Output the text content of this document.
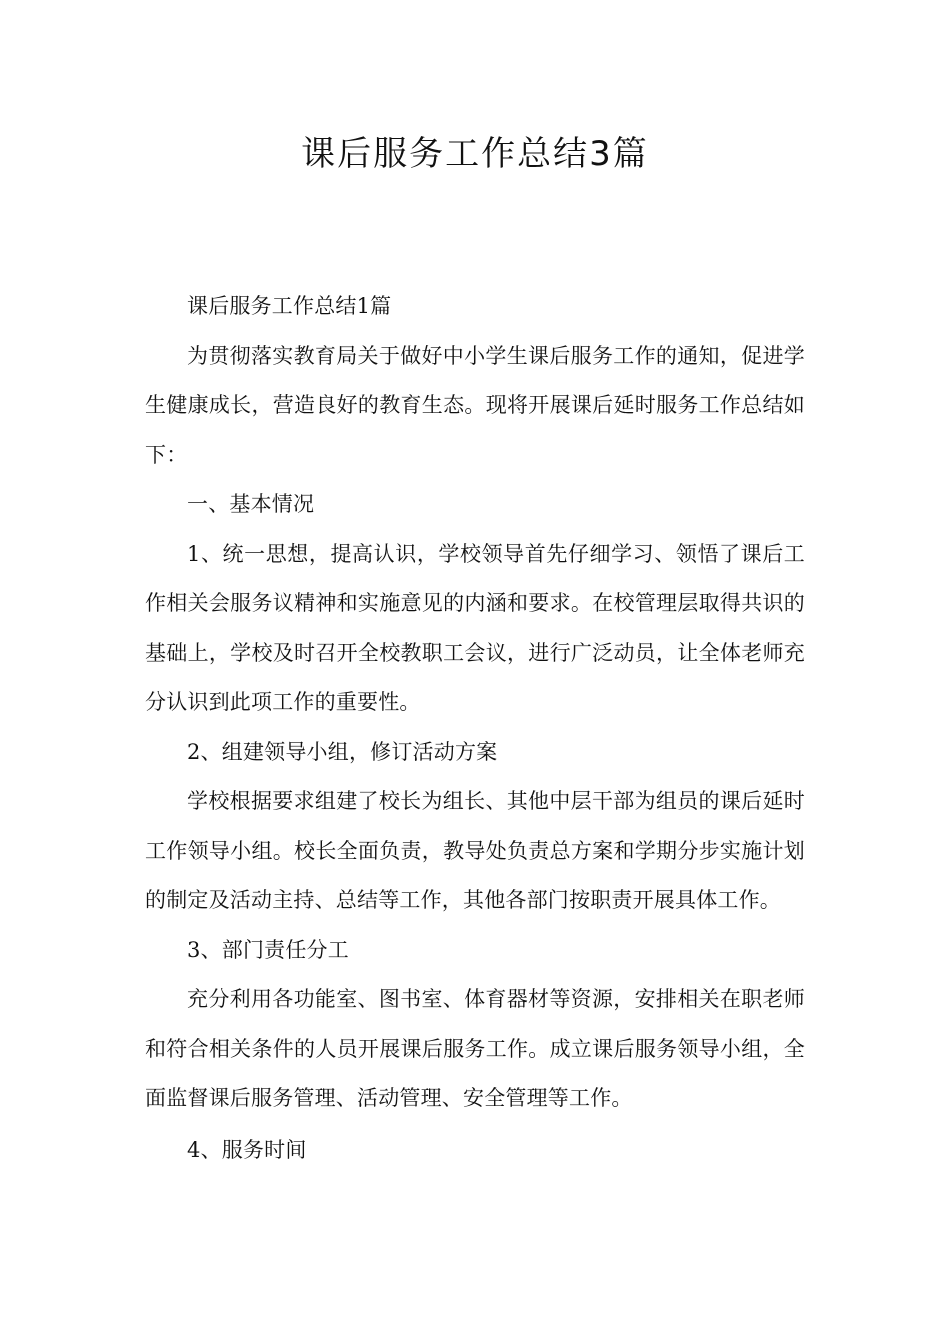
课后服务工作总结3篇

课后服务工作总结1篇

为贯彻落实教育局关于做好中小学生课后服务工作的通知，促进学生健康成长，营造良好的教育生态。现将开展课后延时服务工作总结如下：

一、基本情况

1、统一思想，提高认识，学校领导首先仔细学习、领悟了课后工作相关会服务议精神和实施意见的内涵和要求。在校管理层取得共识的基础上，学校及时召开全校教职工会议，进行广泛动员，让全体老师充分认识到此项工作的重要性。

2、组建领导小组，修订活动方案

学校根据要求组建了校长为组长、其他中层干部为组员的课后延时工作领导小组。校长全面负责，教导处负责总方案和学期分步实施计划的制定及活动主持、总结等工作，其他各部门按职责开展具体工作。

3、部门责任分工

充分利用各功能室、图书室、体育器材等资源，安排相关在职老师和符合相关条件的人员开展课后服务工作。成立课后服务领导小组，全面监督课后服务管理、活动管理、安全管理等工作。

4、服务时间
